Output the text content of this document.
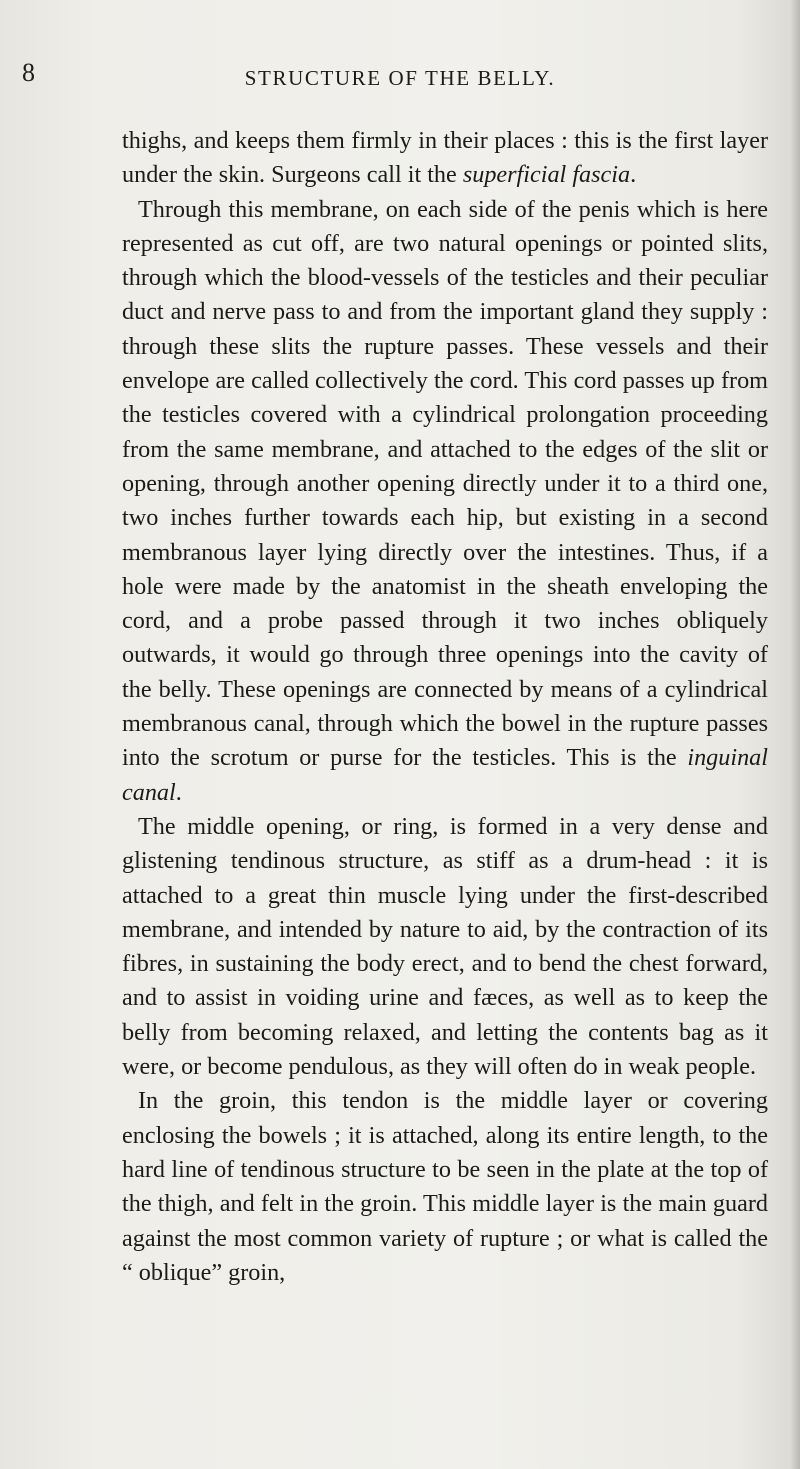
8	STRUCTURE OF THE BELLY.

thighs, and keeps them firmly in their places : this is the first layer under the skin. Surgeons call it the superficial fascia.

Through this membrane, on each side of the penis which is here represented as cut off, are two natural openings or pointed slits, through which the blood-vessels of the testicles and their peculiar duct and nerve pass to and from the important gland they supply : through these slits the rupture passes. These vessels and their envelope are called collectively the cord. This cord passes up from the testicles covered with a cylindrical prolongation proceeding from the same membrane, and attached to the edges of the slit or opening, through another opening directly under it to a third one, two inches further towards each hip, but existing in a second membranous layer lying directly over the intestines. Thus, if a hole were made by the anatomist in the sheath enveloping the cord, and a probe passed through it two inches obliquely outwards, it would go through three openings into the cavity of the belly. These openings are connected by means of a cylindrical membranous canal, through which the bowel in the rupture passes into the scrotum or purse for the testicles. This is the inguinal canal.

The middle opening, or ring, is formed in a very dense and glistening tendinous structure, as stiff as a drum-head : it is attached to a great thin muscle lying under the first-described membrane, and intended by nature to aid, by the contraction of its fibres, in sustaining the body erect, and to bend the chest forward, and to assist in voiding urine and fæces, as well as to keep the belly from becoming relaxed, and letting the contents bag as it were, or become pendulous, as they will often do in weak people.

In the groin, this tendon is the middle layer or covering enclosing the bowels ; it is attached, along its entire length, to the hard line of tendinous structure to be seen in the plate at the top of the thigh, and felt in the groin. This middle layer is the main guard against the most common variety of rupture ; or what is called the “ oblique” groin,
